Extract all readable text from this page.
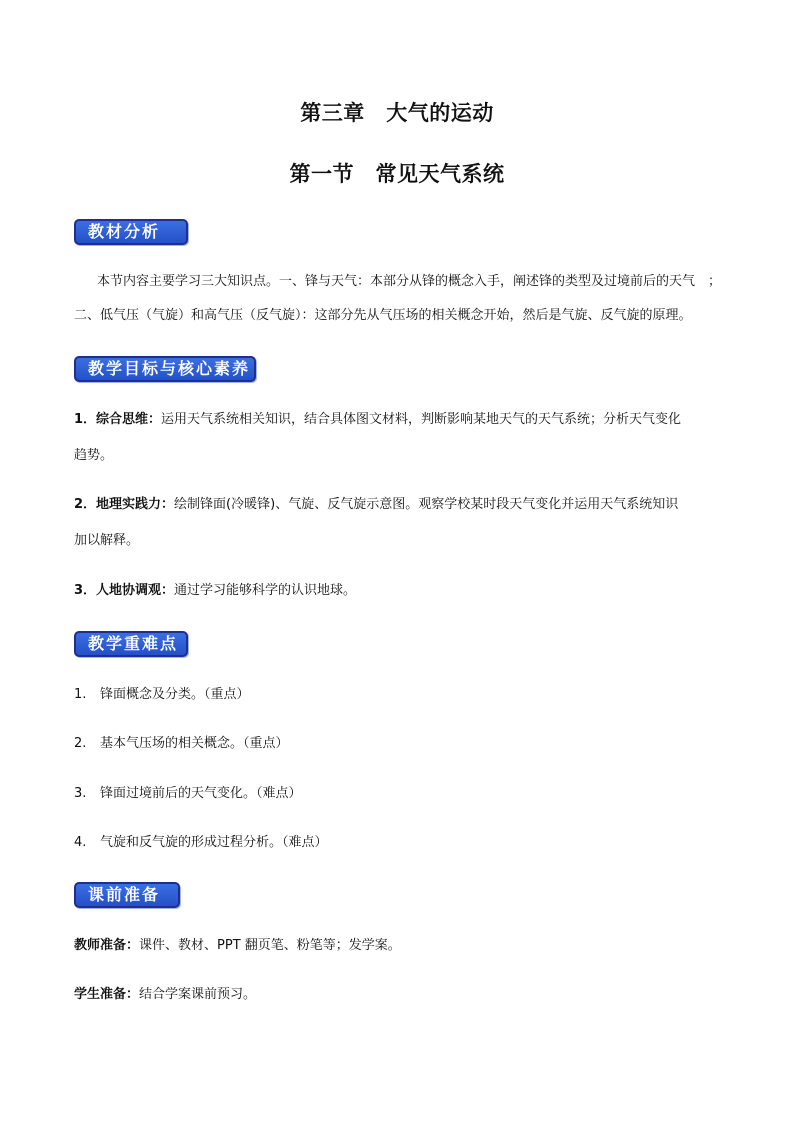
第三章　大气的运动
第一节　常见天气系统
教材分析
本节内容主要学习三大知识点。一、锋与天气：本部分从锋的概念入手，阐述锋的类型及过境前后的天气　；
二、低气压（气旋）和高气压（反气旋）：这部分先从气压场的相关概念开始，然后是气旋、反气旋的原理。
教学目标与核心素养
1．综合思维：运用天气系统相关知识，结合具体图文材料，判断影响某地天气的天气系统；分析天气变化
趋势。
2．地理实践力：绘制锋面(冷暖锋)、气旋、反气旋示意图。观察学校某时段天气变化并运用天气系统知识
加以解释。
3．人地协调观：通过学习能够科学的认识地球。
教学重难点
1. 锋面概念及分类。（重点）
2. 基本气压场的相关概念。（重点）
3. 锋面过境前后的天气变化。（难点）
4. 气旋和反气旋的形成过程分析。（难点）
课前准备
教师准备：课件、教材、PPT 翻页笔、粉笔等；发学案。
学生准备：结合学案课前预习。
